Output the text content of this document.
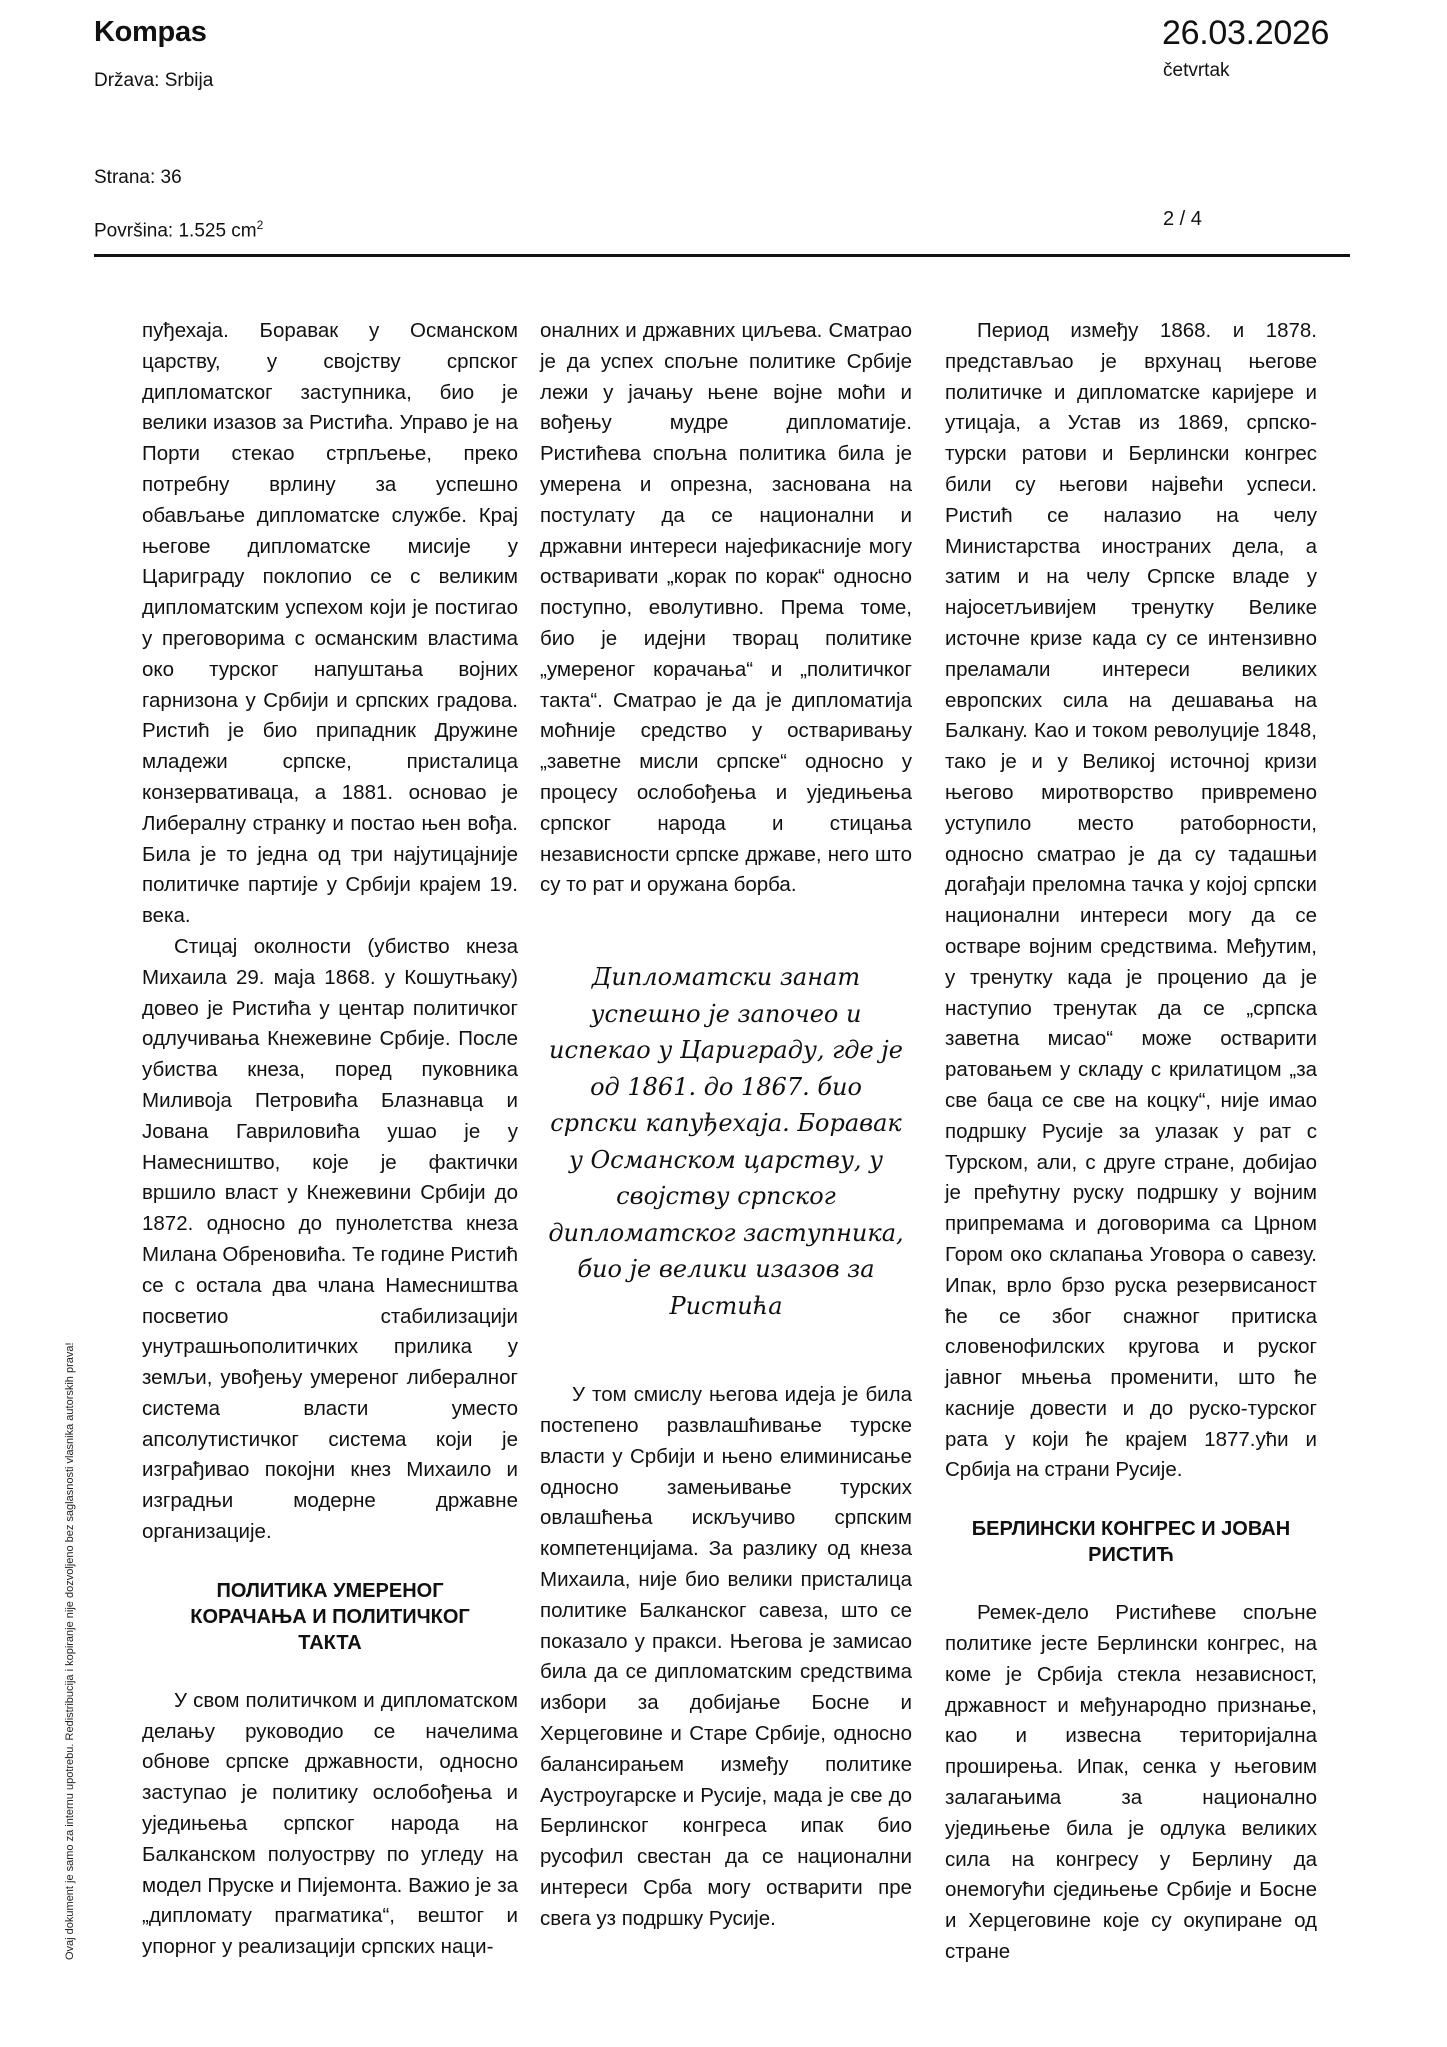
Kompas
Država: Srbija
Strana: 36
Površina: 1.525 $cm^2$
26.03.2026
četvrtak
2 / 4
Ovaj dokument je samo za internu upotrebu. Redistribucija i kopiranje nije dozvoljeno bez saglasnosti vlasnika autorskih prava!

пуђехаја. Боравак у Османском царству, у својству српског дипломатског заступника, био је велики изазов за Ристића. Управо је на Порти стекао стрпљење, преко потребну врлину за успешно обављање дипломатске службе. Крај његове дипломатске мисије у Цариграду поклопио се с великим дипломатским успехом који је постигао у преговорима с османским властима око турског напуштања војних гарнизона у Србији и српских градова. Ристић је био припадник Дружине младежи српске, присталица конзервативаца, а 1881. основао је Либералну странку и постао њен вођа. Била је то једна од три најутицајније политичке партије у Србији крајем 19. века.

Стицај околности (убиство кнеза Михаила 29. маја 1868. у Кошутњаку) довео је Ристића у центар политичког одлучивања Кнежевине Србије. После убиства кнеза, поред пуковника Миливоја Петровића Блазнавца и Јована Гавриловића ушао је у Намесништво, које је фактички вршило власт у Кнежевини Србији до 1872. односно до пунолетства кнеза Милана Обреновића. Те године Ристић се с остала два члана Намесништва посветио стабилизацији унутрашњополитичких прилика у земљи, увођењу умереног либералног система власти уместо апсолутистичког система који је изграђивао покојни кнез Михаило и изградњи модерне државне организације.

ПОЛИТИКА УМЕРЕНОГ КОРАЧАЊА И ПОЛИТИЧКОГ ТАКТА

У свом политичком и дипломатском делању руководио се начелима обнове српске државности, односно заступао је политику ослобођења и уједињења српског народа на Балканском полуострву по угледу на модел Пруске и Пијемонта. Важио је за „дипломату прагматика“, вештог и упорног у реализацији српских наци-

оналних и државних циљева. Сматрао је да успех спољне политике Србије лежи у јачању њене војне моћи и вођењу мудре дипломатије. Ристићева спољна политика била је умерена и опрезна, заснована на постулату да се национални и државни интереси најефикасније могу остваривати „корак по корак“ односно поступно, еволутивно. Према томе, био је идејни творац политике „умереног корачања“ и „политичког такта“. Сматрао је да је дипломатија моћније средство у остваривању „заветне мисли српске“ односно у процесу ослобођења и уједињења српског народа и стицања независности српске државе, него што су то рат и оружана борба.

Дипломатски занат успешно је започео и испекао у Цариграду, где је од 1861. до 1867. био српски капуђехаја. Боравак у Османском царству, у својству српског дипломатског заступника, био је велики изазов за Ристића

У том смислу његова идеја је била постепено развлашћивање турске власти у Србији и њено елиминисање односно замењивање турских овлашћења искључиво српским компетенцијама. За разлику од кнеза Михаила, није био велики присталица политике Балканског савеза, што се показало у пракси. Његова је замисао била да се дипломатским средствима избори за добијање Босне и Херцеговине и Старе Србије, односно балансирањем између политике Аустроугарске и Русије, мада је све до Берлинског конгреса ипак био русофил свестан да се национални интереси Срба могу остварити пре свега уз подршку Русије.

Период између 1868. и 1878. представљао је врхунац његове политичке и дипломатске каријере и утицаја, а Устав из 1869, српско-турски ратови и Берлински конгрес били су његови највећи успеси. Ристић се налазио на челу Министарства иностраних дела, а затим и на челу Српске владе у најосетљивијем тренутку Велике источне кризе када су се интензивно преламали интереси великих европских сила на дешавања на Балкану. Као и током револуције 1848, тако је и у Великој источној кризи његово миротворство привремено уступило место ратоборности, односно сматрао је да су тадашњи догађаји преломна тачка у којој српски национални интереси могу да се остваре војним средствима. Међутим, у тренутку када је проценио да је наступио тренутак да се „српска заветна мисао“ може остварити ратовањем у складу с крилатицом „за све баца се све на коцку“, није имао подршку Русије за улазак у рат с Турском, али, с друге стране, добијао је прећутну руску подршку у војним припремама и договорима са Црном Гором око склапања Уговора о савезу. Ипак, врло брзо руска резервисаност ће се због снажног притиска словенофилских кругова и руског јавног мњења променити, што ће касније довести и до руско-турског рата у који ће крајем 1877.ући и Србија на страни Русије.

БЕРЛИНСКИ КОНГРЕС И ЈОВАН РИСТИЋ

Ремек-дело Ристићеве спољне политике јесте Берлински конгрес, на коме је Србија стекла независност, државност и међународно признање, као и извесна територијална проширења. Ипак, сенка у његовим залагањима за национално уједињење била је одлука великих сила на конгресу у Берлину да онемогући сједињење Србије и Босне и Херцеговине које су окупиране од стране
